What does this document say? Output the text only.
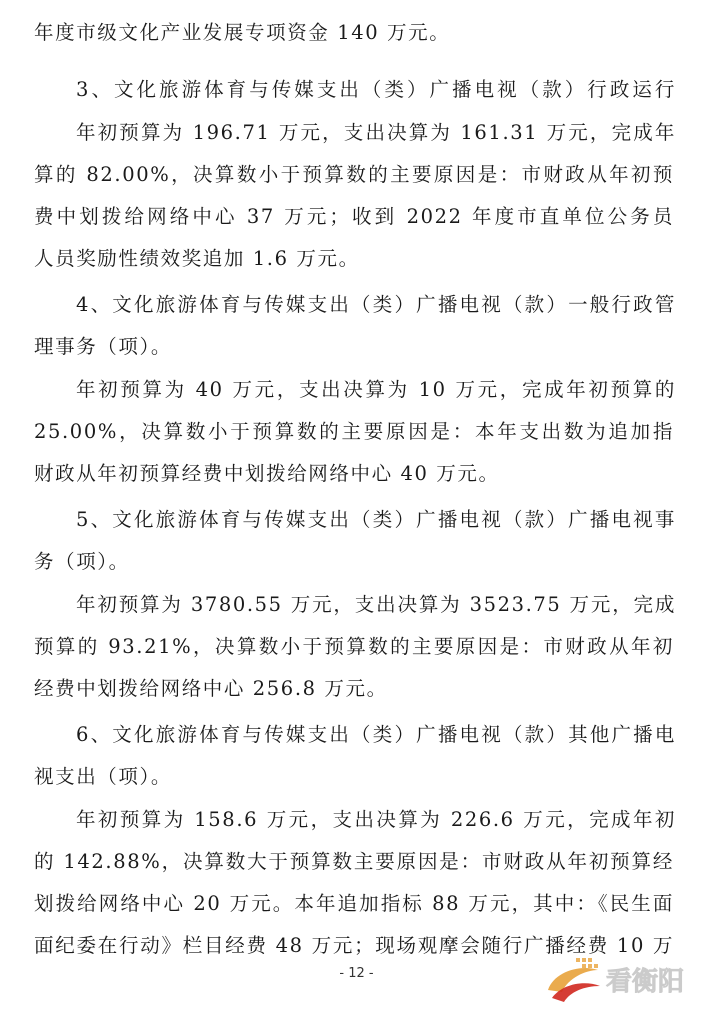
年度市级文化产业发展专项资金 140 万元。
3、文化旅游体育与传媒支出（类）广播电视（款）行政运行
年初预算为 196.71 万元，支出决算为 161.31 万元，完成年
算的 82.00%，决算数小于预算数的主要原因是：市财政从年初预
费中划拨给网络中心 37 万元；收到 2022 年度市直单位公务员
人员奖励性绩效奖追加 1.6 万元。
4、文化旅游体育与传媒支出（类）广播电视（款）一般行政管
理事务（项）。
年初预算为 40 万元，支出决算为 10 万元，完成年初预算的
25.00%，决算数小于预算数的主要原因是：本年支出数为追加指
财政从年初预算经费中划拨给网络中心 40 万元。
5、文化旅游体育与传媒支出（类）广播电视（款）广播电视事
务（项）。
年初预算为 3780.55 万元，支出决算为 3523.75 万元，完成
预算的 93.21%，决算数小于预算数的主要原因是：市财政从年初
经费中划拨给网络中心 256.8 万元。
6、文化旅游体育与传媒支出（类）广播电视（款）其他广播电
视支出（项）。
年初预算为 158.6 万元，支出决算为 226.6 万元，完成年初
的 142.88%，决算数大于预算数主要原因是：市财政从年初预算经
划拨给网络中心 20 万元。本年追加指标 88 万元，其中：《民生面
面纪委在行动》栏目经费 48 万元；现场观摩会随行广播经费 10 万
- 12 -	看衡阳
